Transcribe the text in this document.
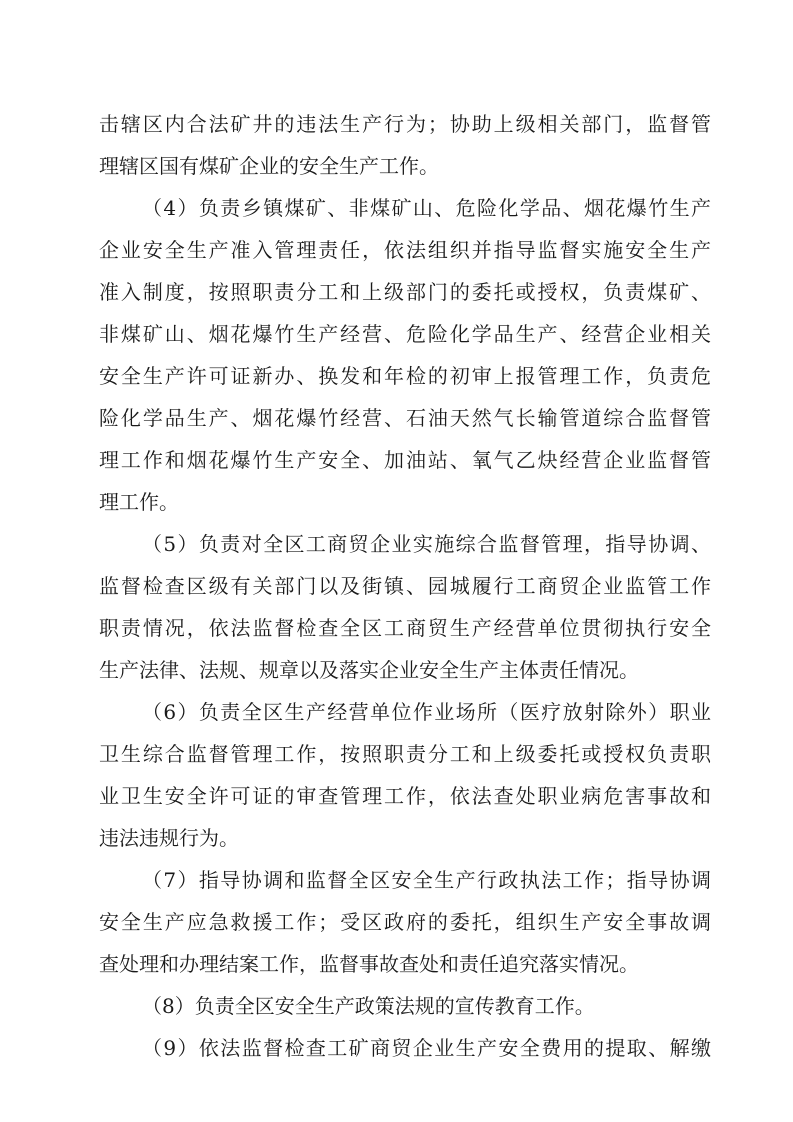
击辖区内合法矿井的违法生产行为；协助上级相关部门，监督管
理辖区国有煤矿企业的安全生产工作。
（4）负责乡镇煤矿、非煤矿山、危险化学品、烟花爆竹生产
企业安全生产准入管理责任，依法组织并指导监督实施安全生产
准入制度，按照职责分工和上级部门的委托或授权，负责煤矿、
非煤矿山、烟花爆竹生产经营、危险化学品生产、经营企业相关
安全生产许可证新办、换发和年检的初审上报管理工作，负责危
险化学品生产、烟花爆竹经营、石油天然气长输管道综合监督管
理工作和烟花爆竹生产安全、加油站、氧气乙炔经营企业监督管
理工作。
（5）负责对全区工商贸企业实施综合监督管理，指导协调、
监督检查区级有关部门以及街镇、园城履行工商贸企业监管工作
职责情况，依法监督检查全区工商贸生产经营单位贯彻执行安全
生产法律、法规、规章以及落实企业安全生产主体责任情况。
（6）负责全区生产经营单位作业场所（医疗放射除外）职业
卫生综合监督管理工作，按照职责分工和上级委托或授权负责职
业卫生安全许可证的审查管理工作，依法查处职业病危害事故和
违法违规行为。
（7）指导协调和监督全区安全生产行政执法工作；指导协调
安全生产应急救援工作；受区政府的委托，组织生产安全事故调
查处理和办理结案工作，监督事故查处和责任追究落实情况。
（8）负责全区安全生产政策法规的宣传教育工作。
（9）依法监督检查工矿商贸企业生产安全费用的提取、解缴
